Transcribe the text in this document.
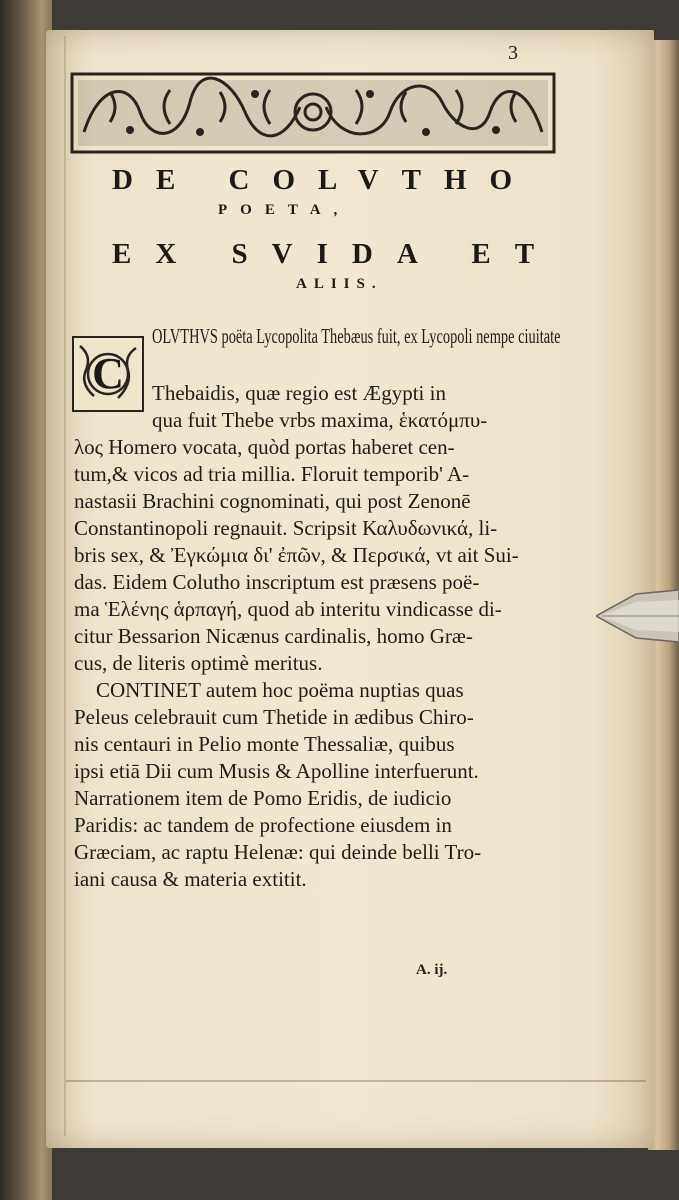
3
DE COLVTHO
POETA,
EX SVIDA ET
ALIIS.
C
OLVTHVS poëta Lycopolita Thebæus fuit, ex Lycopoli nempe ciuitate
Thebaidis, quæ regio est Ægypti in
qua fuit Thebe vrbs maxima, ἑκατόμπυ-
λος Homero vocata, quòd portas haberet cen-
tum,& vicos ad tria millia. Floruit temporib' A-
nastasii Brachini cognominati, qui post Zenonē
Constantinopoli regnauit. Scripsit Καλυδωνικά, li-
bris sex, & Ἐγκώμια δι' ἐπῶν, & Περσικά, vt ait Sui-
das. Eidem Coluthо inscriptum est præsens poë-
ma Ἑλένης ἁρπαγή, quod ab interitu vindicasse di-
citur Bessarion Nicænus cardinalis, homo Græ-
cus, de literis optimè meritus.
CONTINET autem hoc poëma nuptias quas
Peleus celebrauit cum Thetide in ædibus Chiro-
nis centauri in Pelio monte Thessaliæ, quibus
ipsi etiā Dii cum Musis & Apolline interfuerunt.
Narrationem item de Pomo Eridis, de iudicio
Paridis: ac tandem de profectione eiusdem in
Græciam, ac raptu Helenæ: qui deinde belli Tro-
iani causa & materia extitit.
A. ij.
